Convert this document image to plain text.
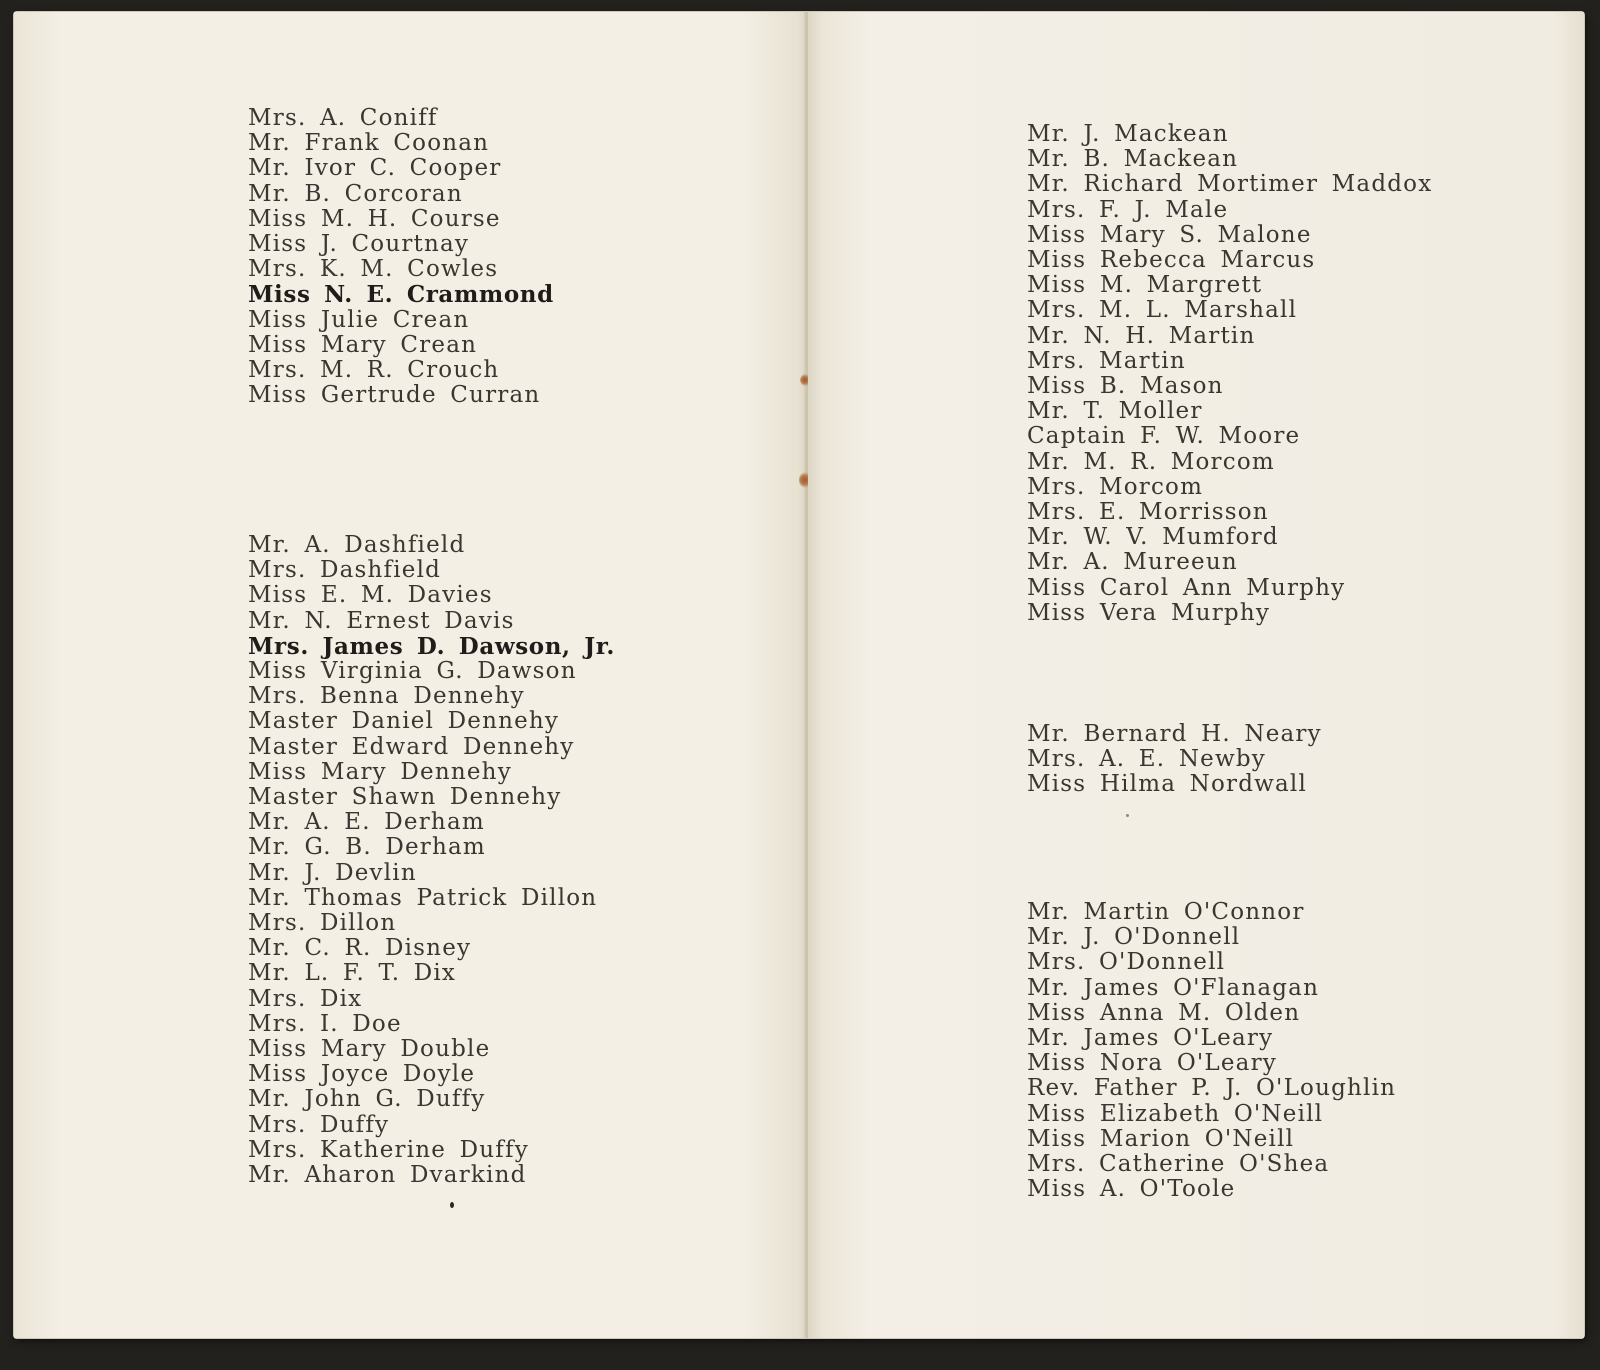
Mrs. A. Coniff
Mr. Frank Coonan
Mr. Ivor C. Cooper
Mr. B. Corcoran
Miss M. H. Course
Miss J. Courtnay
Mrs. K. M. Cowles
Miss N. E. Crammond
Miss Julie Crean
Miss Mary Crean
Mrs. M. R. Crouch
Miss Gertrude Curran
Mr. A. Dashfield
Mrs. Dashfield
Miss E. M. Davies
Mr. N. Ernest Davis
Mrs. James D. Dawson, Jr.
Miss Virginia G. Dawson
Mrs. Benna Dennehy
Master Daniel Dennehy
Master Edward Dennehy
Miss Mary Dennehy
Master Shawn Dennehy
Mr. A. E. Derham
Mr. G. B. Derham
Mr. J. Devlin
Mr. Thomas Patrick Dillon
Mrs. Dillon
Mr. C. R. Disney
Mr. L. F. T. Dix
Mrs. Dix
Mrs. I. Doe
Miss Mary Double
Miss Joyce Doyle
Mr. John G. Duffy
Mrs. Duffy
Mrs. Katherine Duffy
Mr. Aharon Dvarkind
Mr. J. Mackean
Mr. B. Mackean
Mr. Richard Mortimer Maddox
Mrs. F. J. Male
Miss Mary S. Malone
Miss Rebecca Marcus
Miss M. Margrett
Mrs. M. L. Marshall
Mr. N. H. Martin
Mrs. Martin
Miss B. Mason
Mr. T. Moller
Captain F. W. Moore
Mr. M. R. Morcom
Mrs. Morcom
Mrs. E. Morrisson
Mr. W. V. Mumford
Mr. A. Mureeun
Miss Carol Ann Murphy
Miss Vera Murphy
Mr. Bernard H. Neary
Mrs. A. E. Newby
Miss Hilma Nordwall
Mr. Martin O'Connor
Mr. J. O'Donnell
Mrs. O'Donnell
Mr. James O'Flanagan
Miss Anna M. Olden
Mr. James O'Leary
Miss Nora O'Leary
Rev. Father P. J. O'Loughlin
Miss Elizabeth O'Neill
Miss Marion O'Neill
Mrs. Catherine O'Shea
Miss A. O'Toole
